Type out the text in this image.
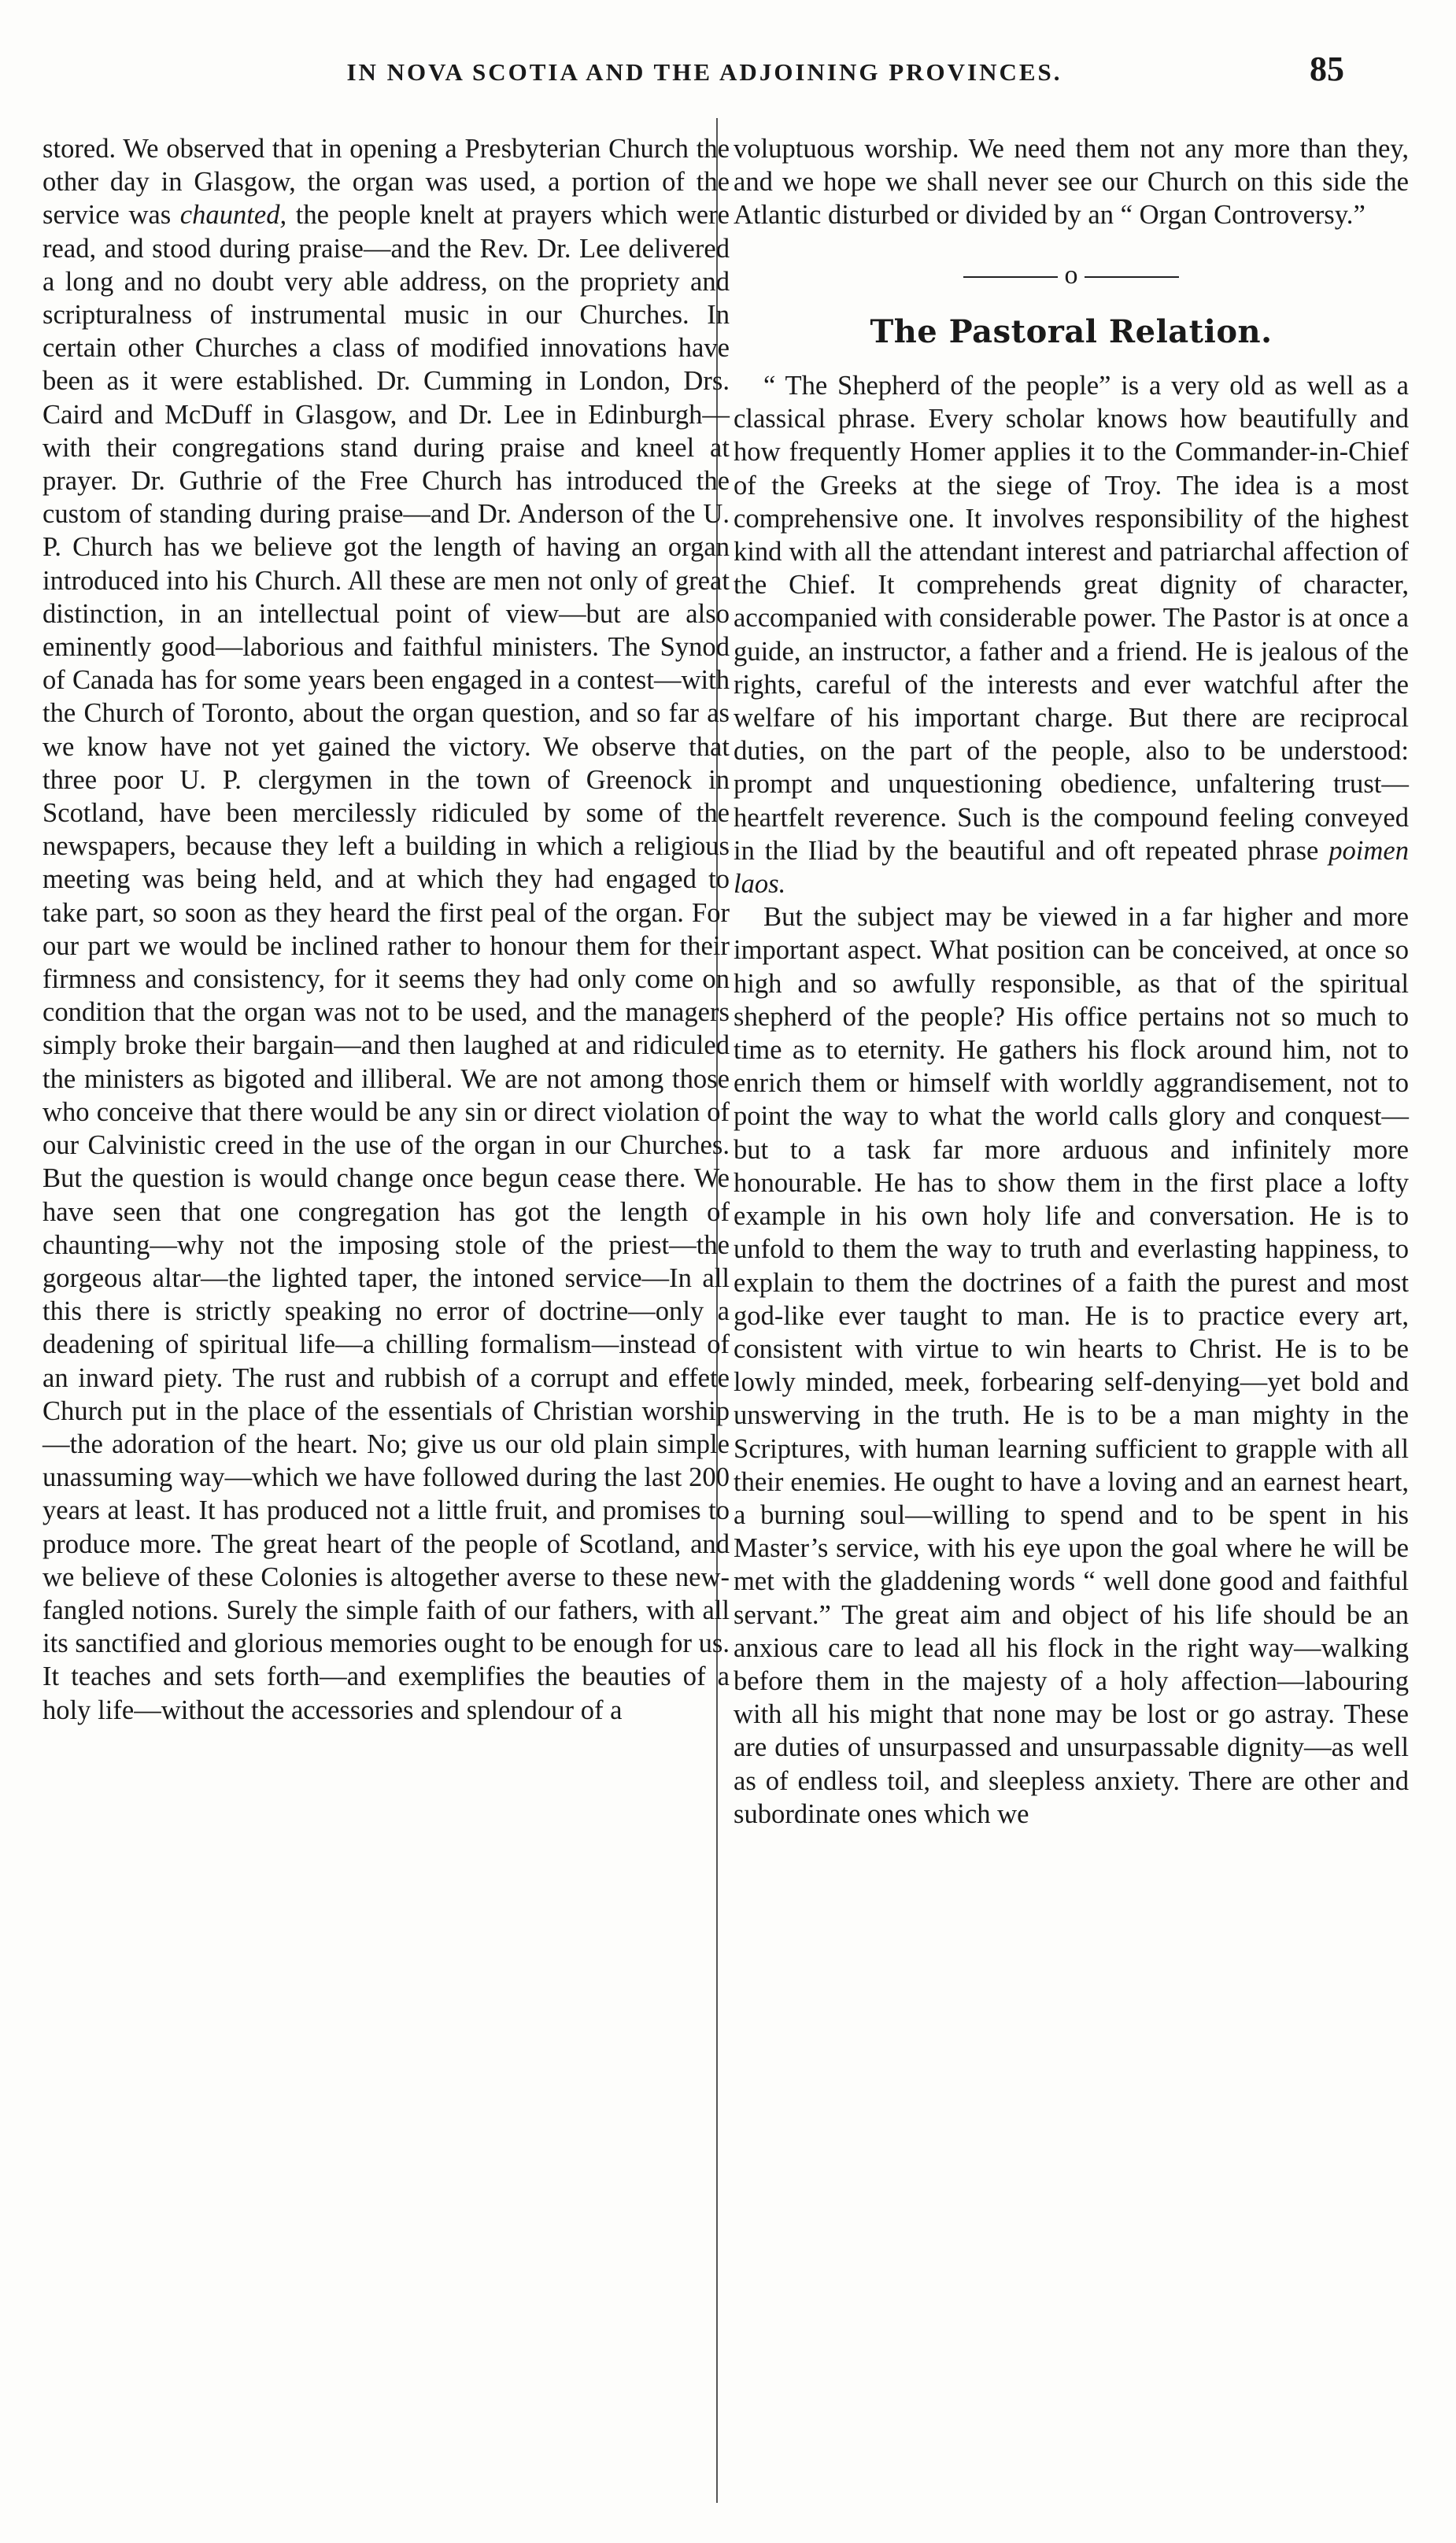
IN NOVA SCOTIA AND THE ADJOINING PROVINCES.	85

stored. We observed that in opening a Presbyterian Church the other day in Glasgow, the organ was used, a portion of the service was chaunted, the people knelt at prayers which were read, and stood during praise—and the Rev. Dr. Lee delivered a long and no doubt very able address, on the propriety and scripturalness of instrumental music in our Churches. In certain other Churches a class of modified innovations have been as it were established. Dr. Cumming in London, Drs. Caird and McDuff in Glasgow, and Dr. Lee in Edinburgh—with their congregations stand during praise and kneel at prayer. Dr. Guthrie of the Free Church has introduced the custom of standing during praise—and Dr. Anderson of the U. P. Church has we believe got the length of having an organ introduced into his Church. All these are men not only of great distinction, in an intellectual point of view—but are also eminently good—laborious and faithful ministers. The Synod of Canada has for some years been engaged in a contest—with the Church of Toronto, about the organ question, and so far as we know have not yet gained the victory. We observe that three poor U. P. clergymen in the town of Greenock in Scotland, have been mercilessly ridiculed by some of the newspapers, because they left a building in which a religious meeting was being held, and at which they had engaged to take part, so soon as they heard the first peal of the organ. For our part we would be inclined rather to honour them for their firmness and consistency, for it seems they had only come on condition that the organ was not to be used, and the managers simply broke their bargain—and then laughed at and ridiculed the ministers as bigoted and illiberal. We are not among those who conceive that there would be any sin or direct violation of our Calvinistic creed in the use of the organ in our Churches. But the question is would change once begun cease there. We have seen that one congregation has got the length of chaunting—why not the imposing stole of the priest—the gorgeous altar—the lighted taper, the intoned service—In all this there is strictly speaking no error of doctrine—only a deadening of spiritual life—a chilling formalism—instead of an inward piety. The rust and rubbish of a corrupt and effete Church put in the place of the essentials of Christian worship—the adoration of the heart. No; give us our old plain simple unassuming way—which we have followed during the last 200 years at least. It has produced not a little fruit, and promises to produce more. The great heart of the people of Scotland, and we believe of these Colonies is altogether averse to these new-fangled notions. Surely the simple faith of our fathers, with all its sanctified and glorious memories ought to be enough for us. It teaches and sets forth—and exemplifies the beauties of a holy life—without the accessories and splendour of a

voluptuous worship. We need them not any more than they, and we hope we shall never see our Church on this side the Atlantic disturbed or divided by an “ Organ Controversy.”

o
The Pastoral Relation.

“ The Shepherd of the people” is a very old as well as a classical phrase. Every scholar knows how beautifully and how frequently Homer applies it to the Commander-in-Chief of the Greeks at the siege of Troy. The idea is a most comprehensive one. It involves responsibility of the highest kind with all the attendant interest and patriarchal affection of the Chief. It comprehends great dignity of character, accompanied with considerable power. The Pastor is at once a guide, an instructor, a father and a friend. He is jealous of the rights, careful of the interests and ever watchful after the welfare of his important charge. But there are reciprocal duties, on the part of the people, also to be understood: prompt and unquestioning obedience, unfaltering trust—heartfelt reverence. Such is the compound feeling conveyed in the Iliad by the beautiful and oft repeated phrase poimen laos.

But the subject may be viewed in a far higher and more important aspect. What position can be conceived, at once so high and so awfully responsible, as that of the spiritual shepherd of the people? His office pertains not so much to time as to eternity. He gathers his flock around him, not to enrich them or himself with worldly aggrandisement, not to point the way to what the world calls glory and conquest—but to a task far more arduous and infinitely more honourable. He has to show them in the first place a lofty example in his own holy life and conversation. He is to unfold to them the way to truth and everlasting happiness, to explain to them the doctrines of a faith the purest and most god-like ever taught to man. He is to practice every art, consistent with virtue to win hearts to Christ. He is to be lowly minded, meek, forbearing self-denying—yet bold and unswerving in the truth. He is to be a man mighty in the Scriptures, with human learning sufficient to grapple with all their enemies. He ought to have a loving and an earnest heart, a burning soul—willing to spend and to be spent in his Master’s service, with his eye upon the goal where he will be met with the gladdening words “ well done good and faithful servant.” The great aim and object of his life should be an anxious care to lead all his flock in the right way—walking before them in the majesty of a holy affection—labouring with all his might that none may be lost or go astray. These are duties of unsurpassed and unsurpassable dignity—as well as of endless toil, and sleepless anxiety. There are other and subordinate ones which we
